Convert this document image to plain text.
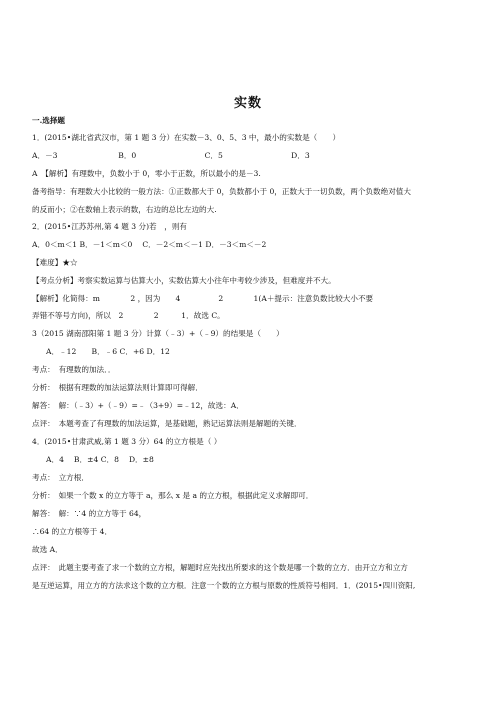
实数
一.选择题
1．(2015•湖北省武汉市，第 1 题 3 分）在实数－3、0、5、3 中，最小的实数是（　　）
A．－3　　　　　　　　B．0　　　　　　　　　C．5　　　　　　　　　D．3
A　【解析】有理数中，负数小于 0，零小于正数，所以最小的是－3.
备考指导：有理数大小比较的一般方法：①正数都大于 0，负数都小于 0，正数大于一切负数，两个负数绝对值大
的反而小；②在数轴上表示的数，右边的总比左边的大.
2．(2015•江苏苏州,第 4 题 3 分)若　，则有
A．0＜m＜1 B．－1＜m＜0　 C．－2＜m＜－1 D．－3＜m＜－2
【难度】★☆
【考点分析】考察实数运算与估算大小，实数估算大小往年中考较少涉及，但难度并不大。
【解析】化简得：m　　　　2 ，因为　　4　　　　　2　　　　1(A＋提示：注意负数比较大小不要
弄错不等号方向)，所以　2　　　　2　　　1．故选 C。
3（2015 湖南邵阳第 1 题 3 分）计算（﹣3）+（﹣9）的结果是（　　）
A．﹣12　　B．﹣6 C．+6 D．12
考点：　有理数的加法．．
分析：　根据有理数的加法运算法则计算即可得解．
解答：　解：（﹣3）+（﹣9）=﹣（3+9）=﹣12，故选：A．
点评：　本题考查了有理数的加法运算，是基础题，熟记运算法则是解题的关键．
4．(2015•甘肃武威,第 1 题 3 分）64 的立方根是（ ）
A．4　 B．±4 C．8　 D．±8
考点：　立方根．
分析：　如果一个数 x 的立方等于 a，那么 x 是 a 的立方根，根据此定义求解即可．
解答：　解：∵4 的立方等于 64，
∴64 的立方根等于 4．
故选 A．
点评：　此题主要考查了求一个数的立方根，解题时应先找出所要求的这个数是哪一个数的立方．由开立方和立方
是互逆运算，用立方的方法求这个数的立方根．注意一个数的立方根与原数的性质符号相同．1．(2015•四川资阳,
